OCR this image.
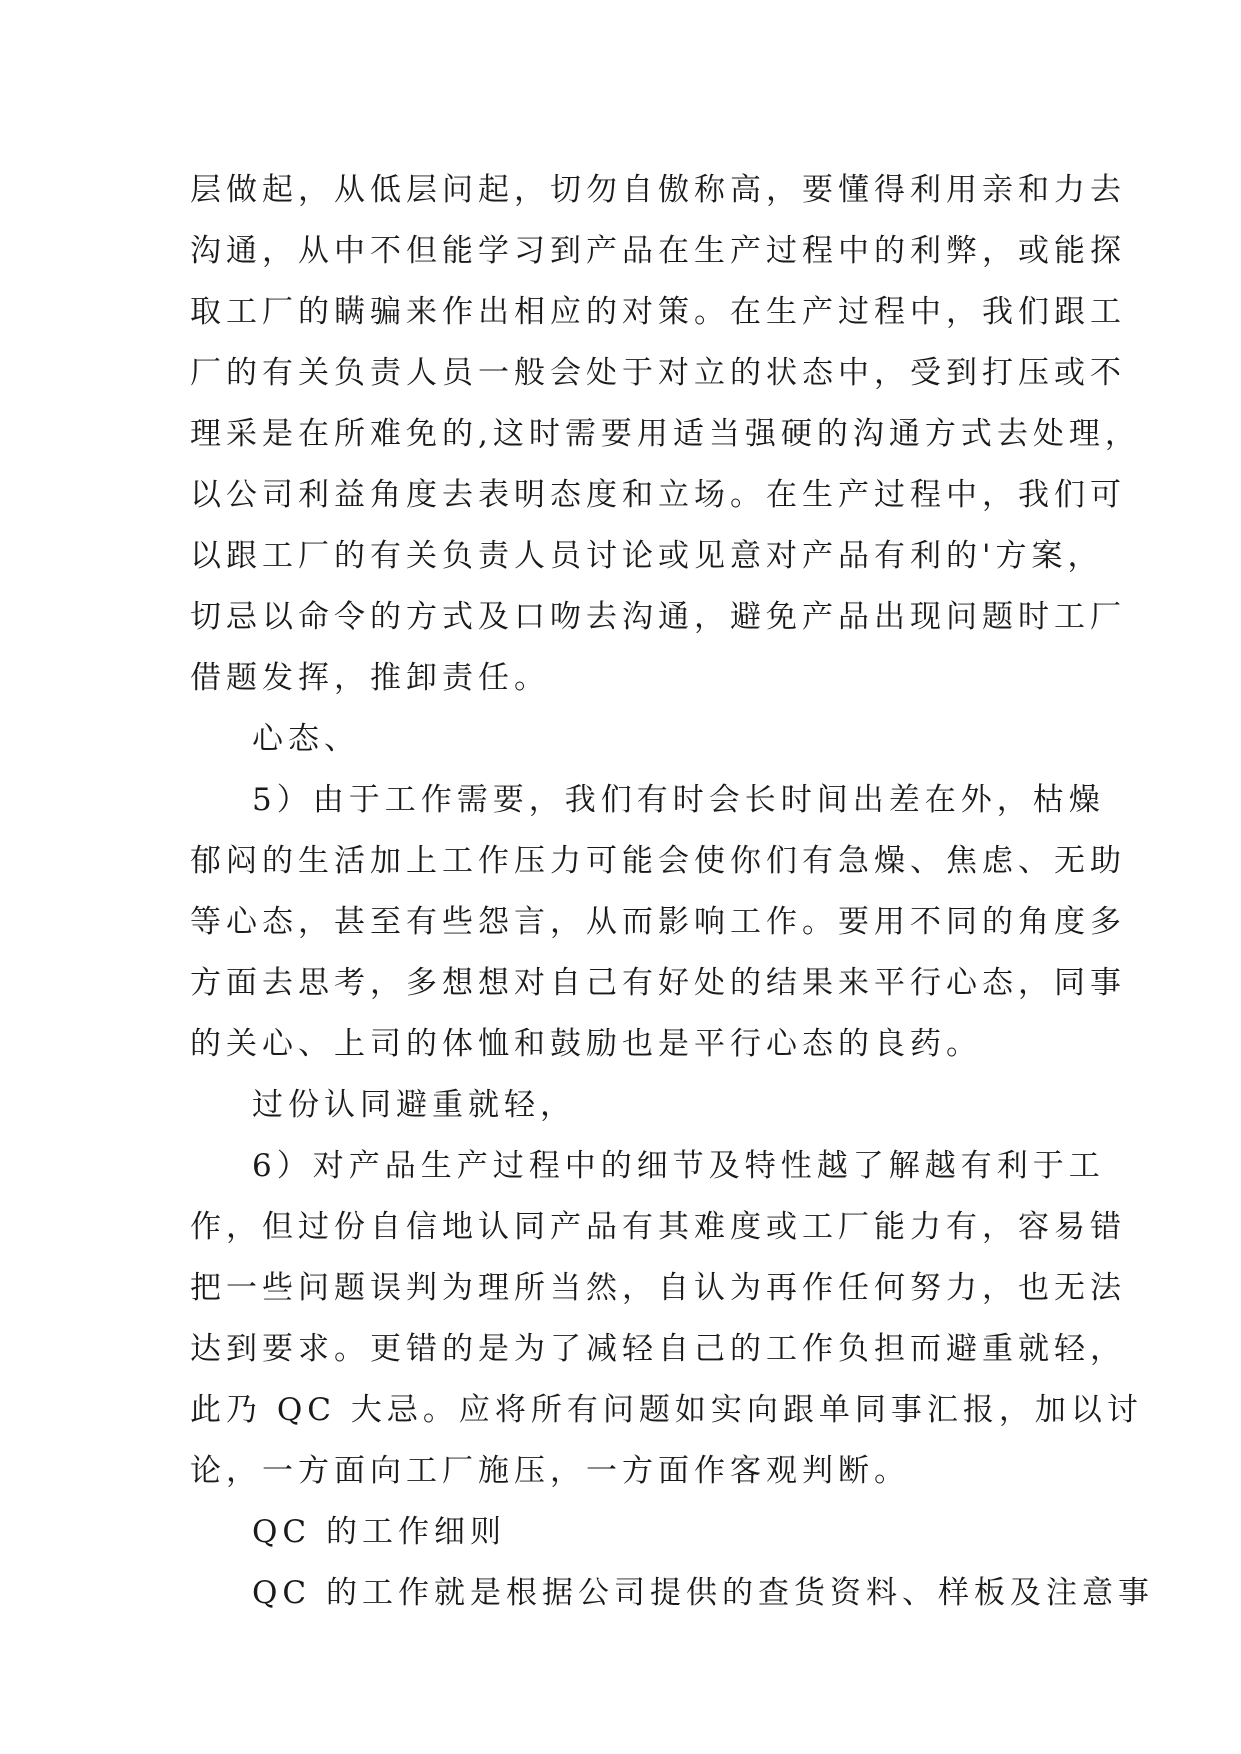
层做起，从低层问起，切勿自傲称高，要懂得利用亲和力去
沟通，从中不但能学习到产品在生产过程中的利弊，或能探
取工厂的瞒骗来作出相应的对策。在生产过程中，我们跟工
厂的有关负责人员一般会处于对立的状态中，受到打压或不
理采是在所难免的,这时需要用适当强硬的沟通方式去处理，
以公司利益角度去表明态度和立场。在生产过程中，我们可
以跟工厂的有关负责人员讨论或见意对产品有利的'方案，
切忌以命令的方式及口吻去沟通，避免产品出现问题时工厂
借题发挥，推卸责任。
心态、
5）由于工作需要，我们有时会长时间出差在外，枯燥
郁闷的生活加上工作压力可能会使你们有急燥、焦虑、无助
等心态，甚至有些怨言，从而影响工作。要用不同的角度多
方面去思考，多想想对自己有好处的结果来平行心态，同事
的关心、上司的体恤和鼓励也是平行心态的良药。
过份认同避重就轻，
6）对产品生产过程中的细节及特性越了解越有利于工
作，但过份自信地认同产品有其难度或工厂能力有，容易错
把一些问题误判为理所当然，自认为再作任何努力，也无法
达到要求。更错的是为了减轻自己的工作负担而避重就轻，
此乃 QC 大忌。应将所有问题如实向跟单同事汇报，加以讨
论，一方面向工厂施压，一方面作客观判断。
QC 的工作细则
QC 的工作就是根据公司提供的查货资料、样板及注意事
